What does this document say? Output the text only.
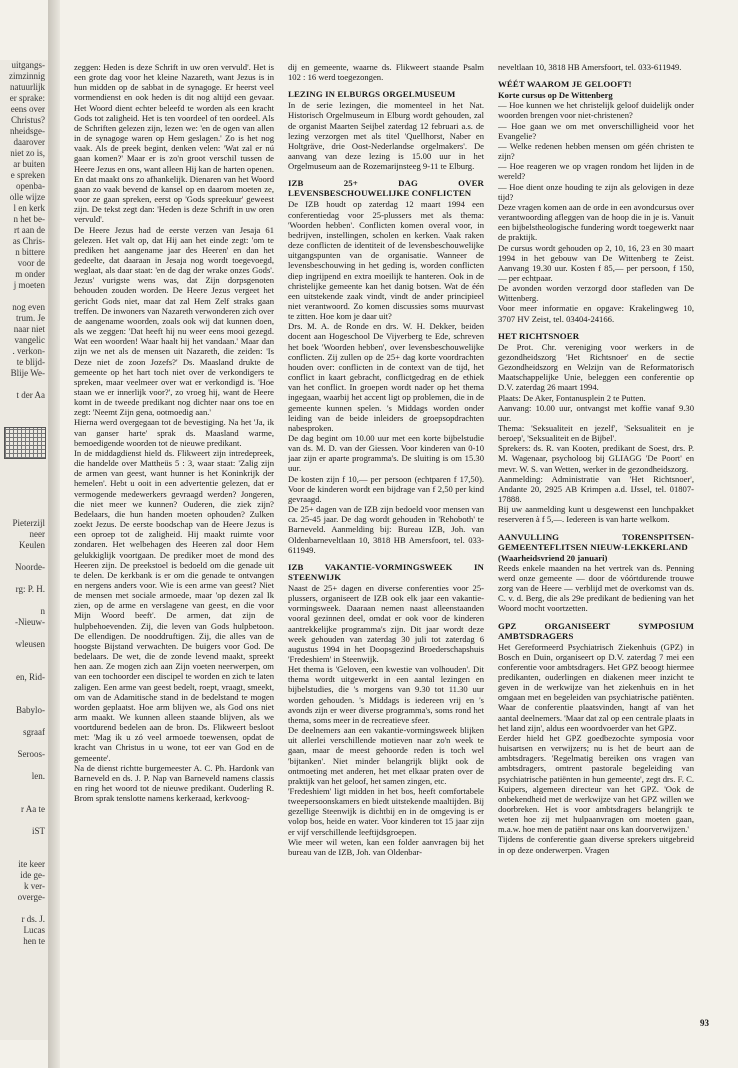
uitgangs-
zimzinnig
natuurlijk
er sprake:
eens over
Christus?
nheidsge-
daarover
niet zo is,
ar buiten
e spreken
openba-
olle wijze
l en kerk
n het be-
rt aan de
as Chris-
n bittere
voor de
m onder
j moeten

nog even
trum. Je
naar niet
vangelic
. verkon-
te blijd-
Blije We-

t der Aa

Pieterzijl
neer
Keulen

Noorde-

rg: P. H.

n
-Nieuw-

wleusen

en, Rid-

Babylo-

sgraaf

Seroos-

len.

r Aa te

iST

ite keer
ide ge-
k ver-
overge-

r ds. J.
Lucas
hen te

zeggen: Heden is deze Schrift in uw oren vervuld'. Het is een grote dag voor het kleine Nazareth, want Jezus is in hun midden op de sabbat in de synagoge. Er heerst veel vormendienst en ook heden is dit nog altijd een gevaar. Het Woord dient echter beleefd te worden als een kracht Gods tot zaligheid. Het is ten voordeel of ten oordeel. Als de Schriften gelezen zijn, lezen we: 'en de ogen van allen in de synagoge waren op Hem geslagen.' Zo is het nog vaak. Als de preek begint, denken velen: 'Wat zal er nú gaan komen?' Maar er is zo'n groot verschil tussen de Heere Jezus en ons, want alleen Hij kan de harten openen. En dat maakt ons zo afhankelijk. Dienaren van het Woord gaan zo vaak bevend de kansel op en daarom moeten ze, voor ze gaan spreken, eerst op 'Gods spreekuur' geweest zijn. De tekst zegt dan: 'Heden is deze Schrift in uw oren vervuld'.

De Heere Jezus had de eerste verzen van Jesaja 61 gelezen. Het valt op, dat Hij aan het einde zegt: 'om te prediken het aangename jaar des Heeren' en dan het gedeelte, dat daaraan in Jesaja nog wordt toegevoegd, weglaat, als daar staat: 'en de dag der wrake onzes Gods'. Jezus' vurigste wens was, dat Zijn dorpsgenoten behouden zouden worden. De Heere Jezus vergeet het gericht Gods niet, maar dat zal Hem Zelf straks gaan treffen. De inwoners van Nazareth verwonderen zich over de aangename woorden, zoals ook wij dat kunnen doen, als we zeggen: 'Dat heeft hij nu weer eens mooi gezegd. Wat een woorden! Waar haalt hij het vandaan.' Maar dan zijn we net als de mensen uit Nazareth, die zeiden: 'Is Deze niet de zoon Jozefs?' Ds. Maasland drukte de gemeente op het hart toch niet over de verkondigers te spreken, maar veelmeer over wat er verkondigd is. 'Hoe staan we er innerlijk voor?', zo vroeg hij, want de Heere komt in de tweede predikant nog dichter naar ons toe en zegt: 'Neemt Zijn gena, ootmoedig aan.'

Hierna werd overgegaan tot de bevestiging. Na het 'Ja, ik van ganser harte' sprak ds. Maasland warme, bemoedigende woorden tot de nieuwe predikant.

In de middagdienst hield ds. Flikweert zijn intredepreek, die handelde over Mattheüs 5 : 3, waar staat: 'Zalig zijn de armen van geest, want hunner is het Koninkrijk der hemelen'. Hebt u ooit in een advertentie gelezen, dat er vermogende medewerkers gevraagd werden? Jongeren, die niet meer we kunnen? Ouderen, die ziek zijn? Bedelaars, die hun handen moeten ophouden? Zulken zoekt Jezus. De eerste boodschap van de Heere Jezus is een oproep tot de zaligheid. Hij maakt ruimte voor zondaren. Het welbehagen des Heeren zal door Hem gelukkiglijk voortgaan. De prediker moet de mond des Heeren zijn. De preekstoel is bedoeld om die genade uit te delen. De kerkbank is er om die genade te ontvangen en nergens anders voor. Wie is een arme van geest? Niet de mensen met sociale armoede, maar 'op dezen zal Ik zien, op de arme en verslagene van geest, en die voor Mijn Woord beeft'. De armen, dat zijn de hulpbehoevenden. Zij, die leven van Gods hulpbetoon. De ellendigen. De nooddruftigen. Zij, die alles van de hoogste Bijstand verwachten. De buigers voor God. De bedelaars. De wet, die de zonde levend maakt, spreekt hen aan. Ze mogen zich aan Zijn voeten neerwerpen, om van een tochoorder een discipel te worden en zich te laten zaligen. Een arme van geest bedelt, roept, vraagt, smeekt, om van de Adamitische stand in de bedelstand te mogen worden geplaatst. Hoe arm blijven we, als God ons niet arm maakt. We kunnen alleen staande blijven, als we voortdurend bedelen aan de bron. Ds. Flikweert besloot met: 'Mag ik u zó veel armoede toewensen, opdat de kracht van Christus in u wone, tot eer van God en de gemeente'.

Na de dienst richtte burgemeester A. C. Ph. Hardonk van Barneveld en ds. J. P. Nap van Barneveld namens classis en ring het woord tot de nieuwe predikant. Ouderling R. Brom sprak tenslotte namens kerkeraad, kerkvoog-

dij en gemeente, waarne ds. Flikweert staande Psalm 102 : 16 werd toegezongen.

LEZING IN ELBURGS ORGELMUSEUM

In de serie lezingen, die momenteel in het Nat. Historisch Orgelmuseum in Elburg wordt gehouden, zal de organist Maarten Seijbel zaterdag 12 februari a.s. de lezing verzorgen met als titel 'Quellhorst, Naber en Holtgräve, drie Oost-Nederlandse orgelmakers'. De aanvang van deze lezing is 15.00 uur in het Orgelmuseum aan de Rozemarijnsteeg 9-11 te Elburg.

IZB 25+ DAG OVER LEVENSBESCHOUWELIJKE CONFLICTEN

De IZB houdt op zaterdag 12 maart 1994 een conferentiedag voor 25-plussers met als thema: 'Woorden hebben'. Conflicten komen overal voor, in bedrijven, instellingen, scholen en kerken. Vaak raken deze conflicten de identiteit of de levensbeschouwelijke uitgangspunten van de organisatie. Wanneer de levensbeschouwing in het geding is, worden conflicten diep ingrijpend en extra moeilijk te hanteren. Ook in de christelijke gemeente kan het danig botsen. Wat de één een uitstekende zaak vindt, vindt de ander principieel niet verantwoord. Zo komen discussies soms muurvast te zitten. Hoe kom je daar uit?

Drs. M. A. de Ronde en drs. W. H. Dekker, beiden docent aan Hogeschool De Vijverberg te Ede, schreven het boek 'Woorden hebben', over levensbeschouwelijke conflicten. Zij zullen op de 25+ dag korte voordrachten houden over: conflicten in de context van de tijd, het conflict in kaart gebracht, conflictgedrag en de ethiek van het conflict. In groepen wordt nader op het thema ingegaan, waarbij het accent ligt op problemen, die in de gemeente kunnen spelen. 's Middags worden onder leiding van de beide inleiders de groepsopdrachten nabesproken.

De dag begint om 10.00 uur met een korte bijbelstudie van ds. M. D. van der Giessen. Voor kinderen van 0-10 jaar zijn er aparte programma's. De sluiting is om 15.30 uur.

De kosten zijn f 10,— per persoon (echtparen f 17,50). Voor de kinderen wordt een bijdrage van f 2,50 per kind gevraagd.

De 25+ dagen van de IZB zijn bedoeld voor mensen van ca. 25-45 jaar. De dag wordt gehouden in 'Rehoboth' te Barneveld. Aanmelding bij: Bureau IZB, Joh. van Oldenbarneveltlaan 10, 3818 HB Amersfoort, tel. 033-611949.

IZB VAKANTIE-VORMINGSWEEK IN STEENWIJK

Naast de 25+ dagen en diverse conferenties voor 25-plussers, organiseert de IZB ook elk jaar een vakantie-vormingsweek. Daaraan nemen naast alleenstaanden vooral gezinnen deel, omdat er ook voor de kinderen aantrekkelijke programma's zijn. Dit jaar wordt deze week gehouden van zaterdag 30 juli tot zaterdag 6 augustus 1994 in het Doopsgezind Broederschapshuis 'Fredeshiem' in Steenwijk.

Het thema is 'Geloven, een kwestie van volhouden'. Dit thema wordt uitgewerkt in een aantal lezingen en bijbelstudies, die 's morgens van 9.30 tot 11.30 uur worden gehouden. 's Middags is iedereen vrij en 's avonds zijn er weer diverse programma's, soms rond het thema, soms meer in de recreatieve sfeer.

De deelnemers aan een vakantie-vormingsweek blijken uit allerlei verschillende motieven naar zo'n week te gaan, maar de meest gehoorde reden is toch wel 'bijtanken'. Niet minder belangrijk blijkt ook de ontmoeting met anderen, het met elkaar praten over de praktijk van het geloof, het samen zingen, etc.

'Fredeshiem' ligt midden in het bos, heeft comfortabele tweepersoonskamers en biedt uitstekende maaltijden. Bij gezellige Steenwijk is dichtbij en in de omgeving is er volop bos, heide en water. Voor kinderen tot 15 jaar zijn er vijf verschillende leeftijdsgroepen.

Wie meer wil weten, kan een folder aanvragen bij het bureau van de IZB, Joh. van Oldenbar-

neveltlaan 10, 3818 HB Amersfoort, tel. 033-611949.

WÉÉT WAAROM JE GELOOFT!

Korte cursus op De Wittenberg

— Hoe kunnen we het christelijk geloof duidelijk onder woorden brengen voor niet-christenen?

— Hoe gaan we om met onverschilligheid voor het Evangelie?

— Welke redenen hebben mensen om géén christen te zijn?

— Hoe reageren we op vragen rondom het lijden in de wereld?

— Hoe dient onze houding te zijn als gelovigen in deze tijd?

Deze vragen komen aan de orde in een avondcursus over verantwoording afleggen van de hoop die in je is. Vanuit een bijbelstheologische fundering wordt toegewerkt naar de praktijk.

De cursus wordt gehouden op 2, 10, 16, 23 en 30 maart 1994 in het gebouw van De Wittenberg te Zeist. Aanvang 19.30 uur. Kosten f 85,— per persoon, f 150,— per echtpaar.

De avonden worden verzorgd door stafleden van De Wittenberg.

Voor meer informatie en opgave: Krakelingweg 10, 3707 HV Zeist, tel. 03404-24166.

HET RICHTSNOER

De Prot. Chr. vereniging voor werkers in de gezondheidszorg 'Het Richtsnoer' en de sectie Gezondheidszorg en Welzijn van de Reformatorisch Maatschappelijke Unie, beleggen een conferentie op D.V. zaterdag 26 maart 1994.

Plaats: De Aker, Fontanusplein 2 te Putten.

Aanvang: 10.00 uur, ontvangst met koffie vanaf 9.30 uur.

Thema: 'Seksualiteit en jezelf', 'Seksualiteit en je beroep', 'Seksualiteit en de Bijbel'.

Sprekers: ds. R. van Kooten, predikant de Soest, drs. P. M. Wagenaar, psycholoog bij GLIAGG 'De Poort' en mevr. W. S. van Wetten, werker in de gezondheidszorg.

Aanmelding: Administratie van 'Het Richtsnoer', Andante 20, 2925 AB Krimpen a.d. IJssel, tel. 01807-17888.

Bij uw aanmelding kunt u desgewenst een lunchpakket reserveren à f 5,—. Iedereen is van harte welkom.

AANVULLING TORENSPITSEN-GEMEENTEFLITSEN NIEUW-LEKKERLAND

(Waarheidsvriend 20 januari)

Reeds enkele maanden na het vertrek van ds. Penning werd onze gemeente — door de vóórtdurende trouwe zorg van de Heere — verblijd met de overkomst van ds. C. v. d. Berg, die als 29e predikant de bediening van het Woord mocht voortzetten.

GPZ ORGANISEERT SYMPOSIUM AMBTSDRAGERS

Het Gereformeerd Psychiatrisch Ziekenhuis (GPZ) in Bosch en Duin, organiseert op D.V. zaterdag 7 mei een conferentie voor ambtsdragers. Het GPZ beoogt hiermee predikanten, ouderlingen en diakenen meer inzicht te geven in de werkwijze van het ziekenhuis en in het omgaan met en begeleiden van psychiatrische patiënten. Waar de conferentie plaatsvinden, hangt af van het aantal deelnemers. 'Maar dat zal op een centrale plaats in het land zijn', aldus een woordvoerder van het GPZ.

Eerder hield het GPZ goedbezochte symposia voor huisartsen en verwijzers; nu is het de beurt aan de ambtsdragers. 'Regelmatig bereiken ons vragen van ambtsdragers, omtrent pastorale begeleiding van psychiatrische patiënten in hun gemeente', zegt drs. F. C. Kuipers, algemeen directeur van het GPZ. 'Ook de onbekendheid met de werkwijze van het GPZ willen we doorbreken. Het is voor ambtsdragers belangrijk te weten hoe zij met hulpaanvragen om moeten gaan, m.a.w. hoe men de patiënt naar ons kan doorverwijzen.'

Tijdens de conferentie gaan diverse sprekers uitgebreid in op deze onderwerpen. Vragen

93
